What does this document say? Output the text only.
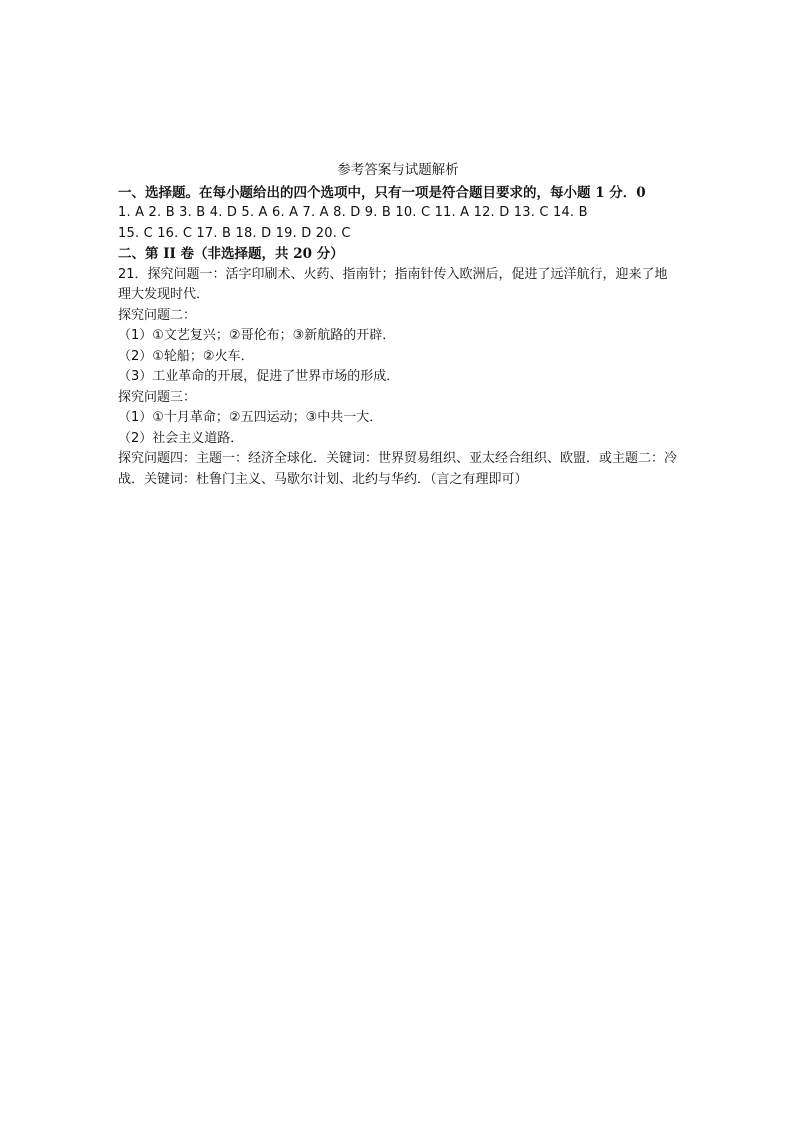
参考答案与试题解析
一、选择题。在每小题给出的四个选项中，只有一项是符合题目要求的，每小题 1 分．0
1. A 2. B 3. B 4. D 5. A 6. A 7. A 8. D 9. B 10. C 11. A 12. D 13. C 14. B
15. C 16. C 17. B 18. D 19. D 20. C
二、第 II 卷（非选择题，共 20 分）
21．探究问题一：活字印刷术、火药、指南针；指南针传入欧洲后，促进了远洋航行，迎来了地理大发现时代．
探究问题二：
（1）①文艺复兴；②哥伦布；③新航路的开辟．
（2）①轮船；②火车．
（3）工业革命的开展，促进了世界市场的形成．
探究问题三：
（1）①十月革命；②五四运动；③中共一大．
（2）社会主义道路．
探究问题四：主题一：经济全球化．关键词：世界贸易组织、亚太经合组织、欧盟．或主题二：冷战．关键词：杜鲁门主义、马歇尔计划、北约与华约．（言之有理即可）
